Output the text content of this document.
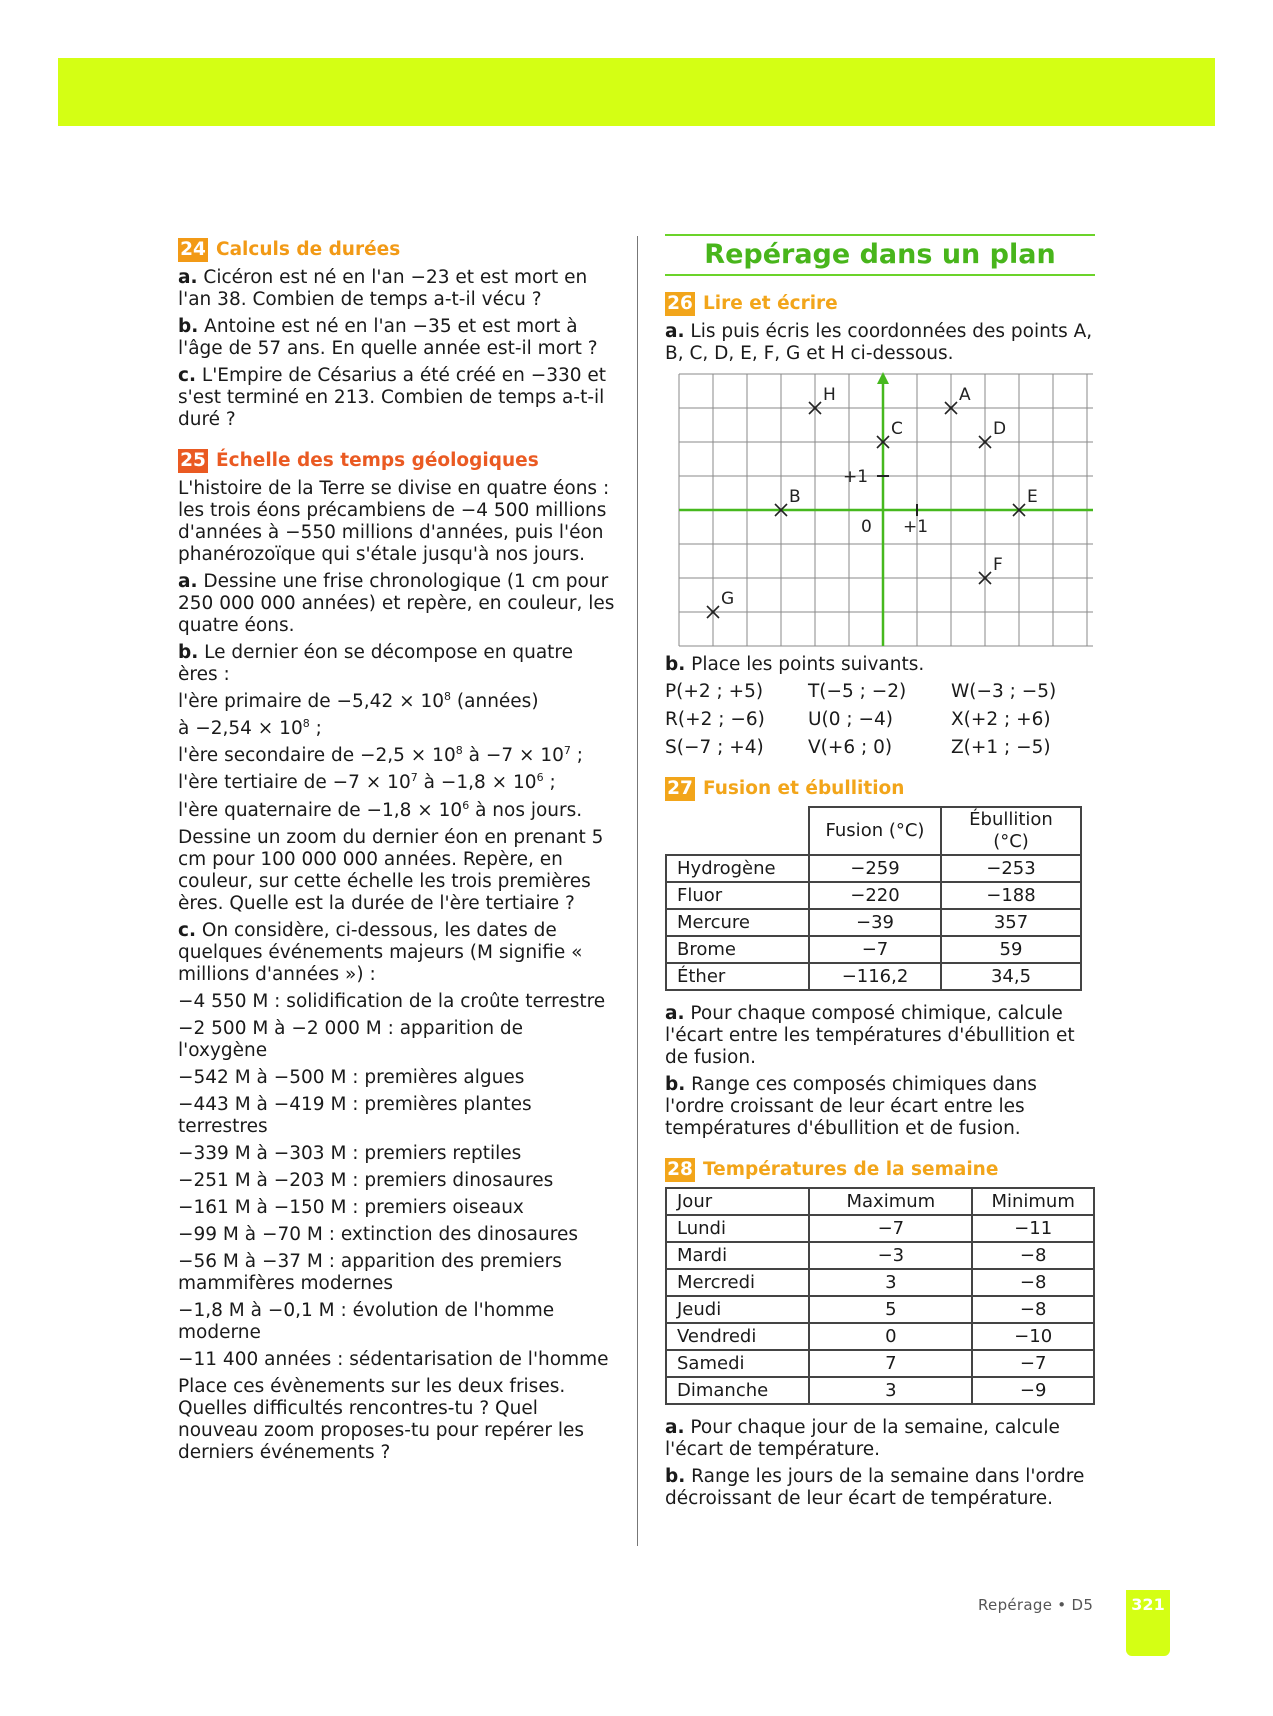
24 Calculs de durées

a. Cicéron est né en l'an −23 et est mort en l'an 38. Combien de temps a-t-il vécu ?

b. Antoine est né en l'an −35 et est mort à l'âge de 57 ans. En quelle année est-il mort ?

c. L'Empire de Césarius a été créé en −330 et s'est terminé en 213. Combien de temps a-t-il duré ?

25 Échelle des temps géologiques

L'histoire de la Terre se divise en quatre éons : les trois éons précambiens de −4 500 millions d'années à −550 millions d'années, puis l'éon phanérozoïque qui s'étale jusqu'à nos jours.

a. Dessine une frise chronologique (1 cm pour 250 000 000 années) et repère, en couleur, les quatre éons.

b. Le dernier éon se décompose en quatre ères :
l'ère primaire de $-5,42 \times 10^8$ (années)
à $-2,54 \times 10^8$ ;
l'ère secondaire de $-2,5 \times 10^8$ à $-7 \times 10^7$ ;
l'ère tertiaire de $-7 \times 10^7$ à $-1,8 \times 10^6$ ;
l'ère quaternaire de $-1,8 \times 10^6$ à nos jours.

Dessine un zoom du dernier éon en prenant 5 cm pour 100 000 000 années. Repère, en couleur, sur cette échelle les trois premières ères. Quelle est la durée de l'ère tertiaire ?

c. On considère, ci-dessous, les dates de quelques événements majeurs (M signifie « millions d'années ») :

−4 550 M : solidification de la croûte terrestre

−2 500 M à −2 000 M : apparition de l'oxygène

−542 M à −500 M : premières algues

−443 M à −419 M : premières plantes terrestres

−339 M à −303 M : premiers reptiles

−251 M à −203 M : premiers dinosaures

−161 M à −150 M : premiers oiseaux

−99 M à −70 M : extinction des dinosaures

−56 M à −37 M : apparition des premiers mammifères modernes

−1,8 M à −0,1 M : évolution de l'homme moderne

−11 400 années : sédentarisation de l'homme

Place ces évènements sur les deux frises. Quelles difficultés rencontres-tu ? Quel nouveau zoom proposes-tu pour repérer les derniers événements ?

Repérage dans un plan
26 Lire et écrire

a. Lis puis écris les coordonnées des points A, B, C, D, E, F, G et H ci-dessous.

+1
+1
0
A
B
C	D
E
F
G
H

b. Place les points suivants.

P(+2 ; +5)	T(−5 ; −2)	W(−3 ; −5)
R(+2 ; −6)	U(0 ; −4)	X(+2 ; +6)
S(−7 ; +4)	V(+6 ; 0)	Z(+1 ; −5)
27 Fusion et ébullition
	Fusion (°C)	Ébullition (°C)
Hydrogène	−259	−253
Fluor	−220	−188
Mercure	−39	357
Brome	−7	59
Éther	−116,2	34,5

a. Pour chaque composé chimique, calcule l'écart entre les températures d'ébullition et de fusion.

b. Range ces composés chimiques dans l'ordre croissant de leur écart entre les températures d'ébullition et de fusion.

28 Températures de la semaine
Jour	Maximum	Minimum
Lundi	−7	−11
Mardi	−3	−8
Mercredi	3	−8
Jeudi	5	−8
Vendredi	0	−10
Samedi	7	−7
Dimanche	3	−9

a. Pour chaque jour de la semaine, calcule l'écart de température.

b. Range les jours de la semaine dans l'ordre décroissant de leur écart de température.

Repérage • D5	321
